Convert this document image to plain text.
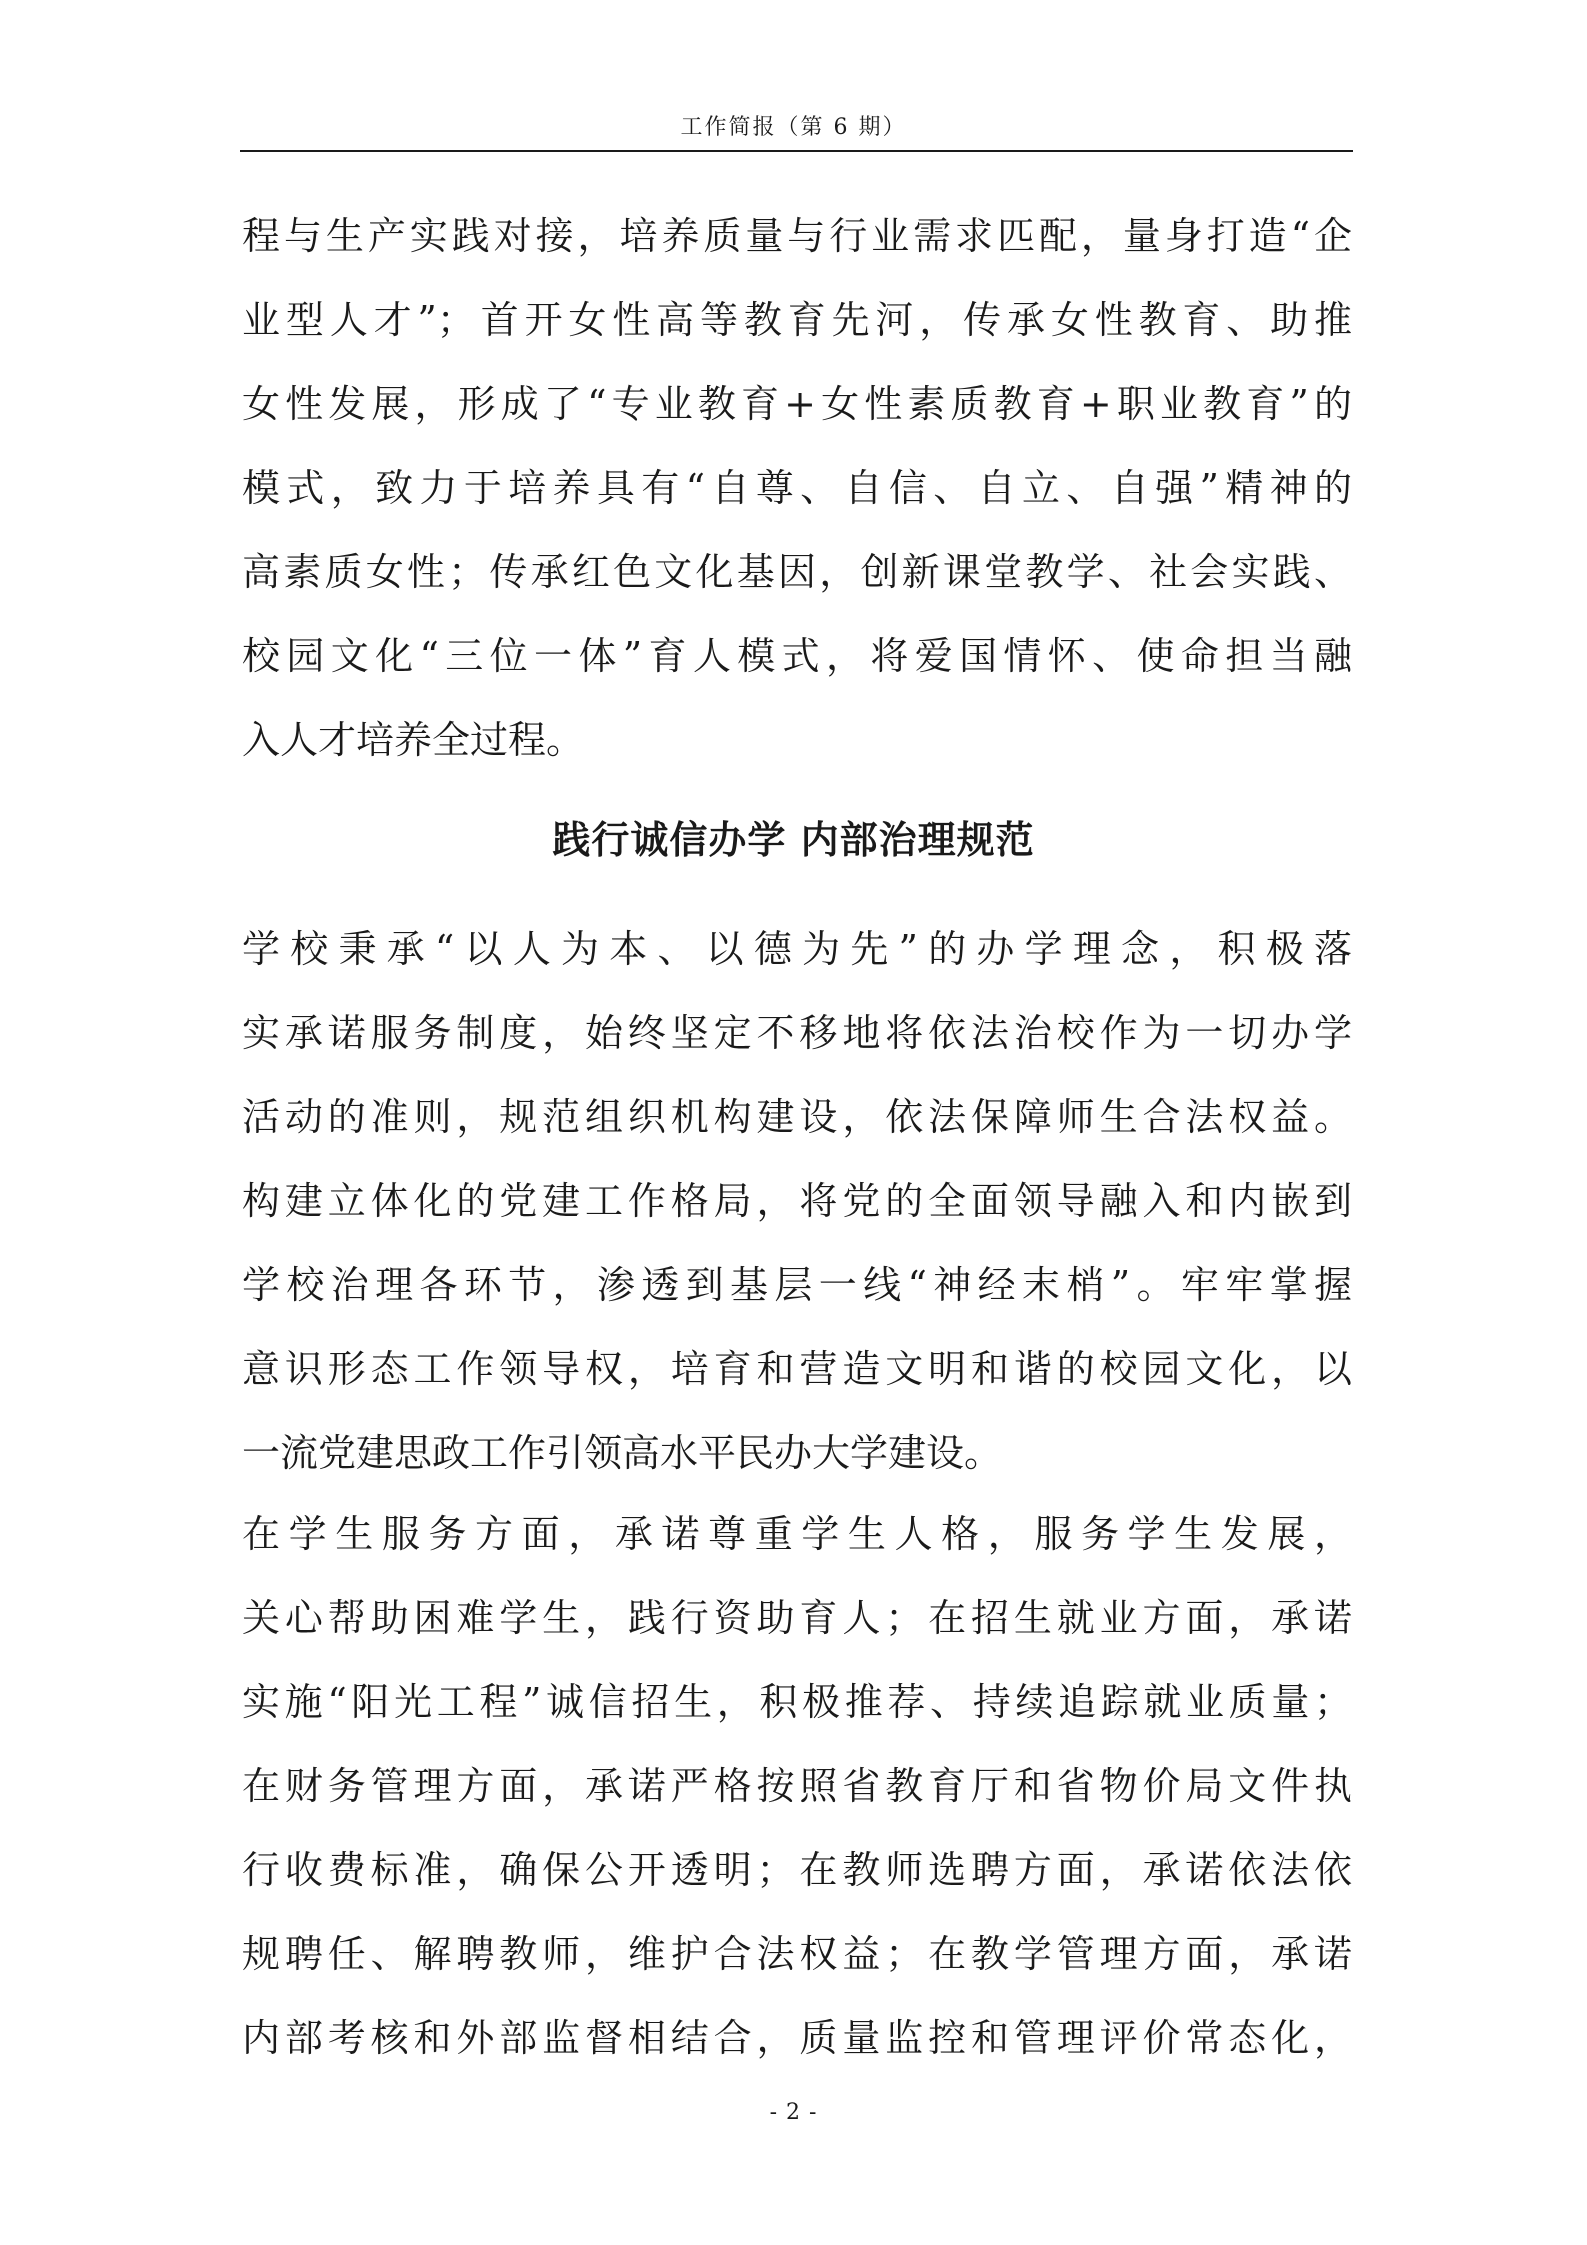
工作简报（第 6 期）
程与生产实践对接，培养质量与行业需求匹配，量身打造“企
业型人才”；首开女性高等教育先河，传承女性教育、助推
女性发展，形成了“专业教育+女性素质教育+职业教育”的
模式，致力于培养具有“自尊、自信、自立、自强”精神的
高素质女性；传承红色文化基因，创新课堂教学、社会实践、
校园文化“三位一体”育人模式，将爱国情怀、使命担当融
入人才培养全过程。
践行诚信办学 内部治理规范
学校秉承“以人为本、以德为先”的办学理念，积极落
实承诺服务制度，始终坚定不移地将依法治校作为一切办学
活动的准则，规范组织机构建设，依法保障师生合法权益。
构建立体化的党建工作格局，将党的全面领导融入和内嵌到
学校治理各环节，渗透到基层一线“神经末梢”。牢牢掌握
意识形态工作领导权，培育和营造文明和谐的校园文化，以
一流党建思政工作引领高水平民办大学建设。
在学生服务方面，承诺尊重学生人格，服务学生发展，
关心帮助困难学生，践行资助育人；在招生就业方面，承诺
实施“阳光工程”诚信招生，积极推荐、持续追踪就业质量；
在财务管理方面，承诺严格按照省教育厅和省物价局文件执
行收费标准，确保公开透明；在教师选聘方面，承诺依法依
规聘任、解聘教师，维护合法权益；在教学管理方面，承诺
内部考核和外部监督相结合，质量监控和管理评价常态化，
- 2 -
